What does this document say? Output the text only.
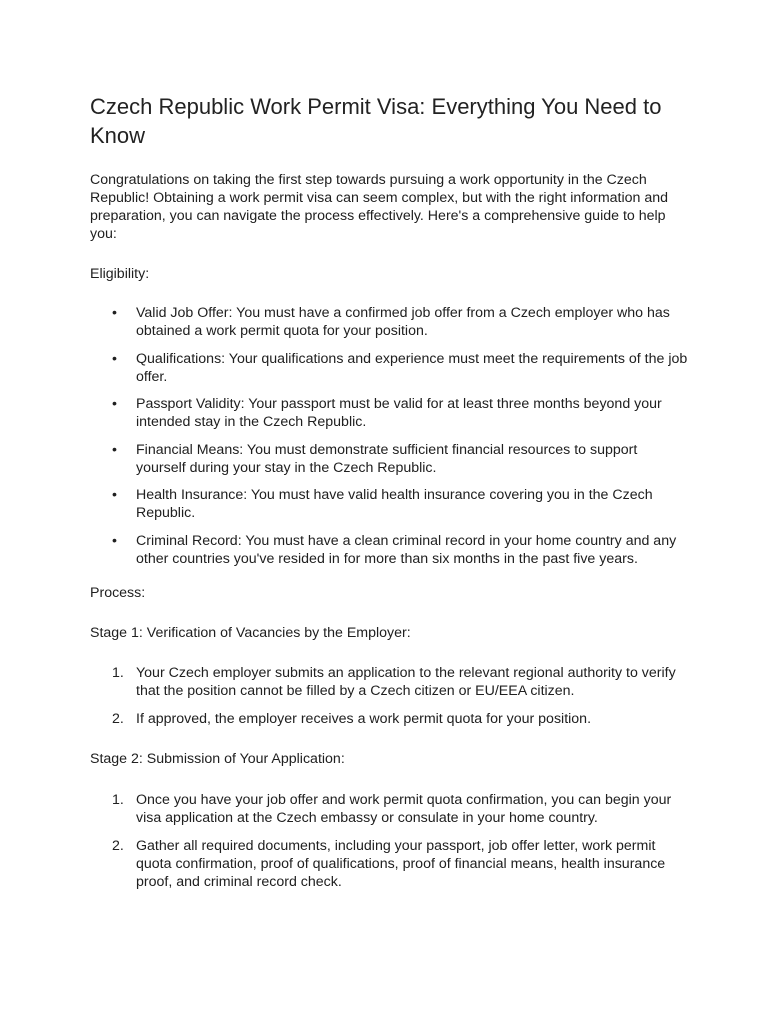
Czech Republic Work Permit Visa: Everything You Need to Know

Congratulations on taking the first step towards pursuing a work opportunity in the Czech Republic! Obtaining a work permit visa can seem complex, but with the right information and preparation, you can navigate the process effectively. Here's a comprehensive guide to help you:

Eligibility:

• Valid Job Offer: You must have a confirmed job offer from a Czech employer who has obtained a work permit quota for your position.
• Qualifications: Your qualifications and experience must meet the requirements of the job offer.
• Passport Validity: Your passport must be valid for at least three months beyond your intended stay in the Czech Republic.
• Financial Means: You must demonstrate sufficient financial resources to support yourself during your stay in the Czech Republic.
• Health Insurance: You must have valid health insurance covering you in the Czech Republic.
• Criminal Record: You must have a clean criminal record in your home country and any other countries you've resided in for more than six months in the past five years.

Process:

Stage 1: Verification of Vacancies by the Employer:

1. Your Czech employer submits an application to the relevant regional authority to verify that the position cannot be filled by a Czech citizen or EU/EEA citizen.
2. If approved, the employer receives a work permit quota for your position.

Stage 2: Submission of Your Application:

1. Once you have your job offer and work permit quota confirmation, you can begin your visa application at the Czech embassy or consulate in your home country.
2. Gather all required documents, including your passport, job offer letter, work permit quota confirmation, proof of qualifications, proof of financial means, health insurance proof, and criminal record check.
